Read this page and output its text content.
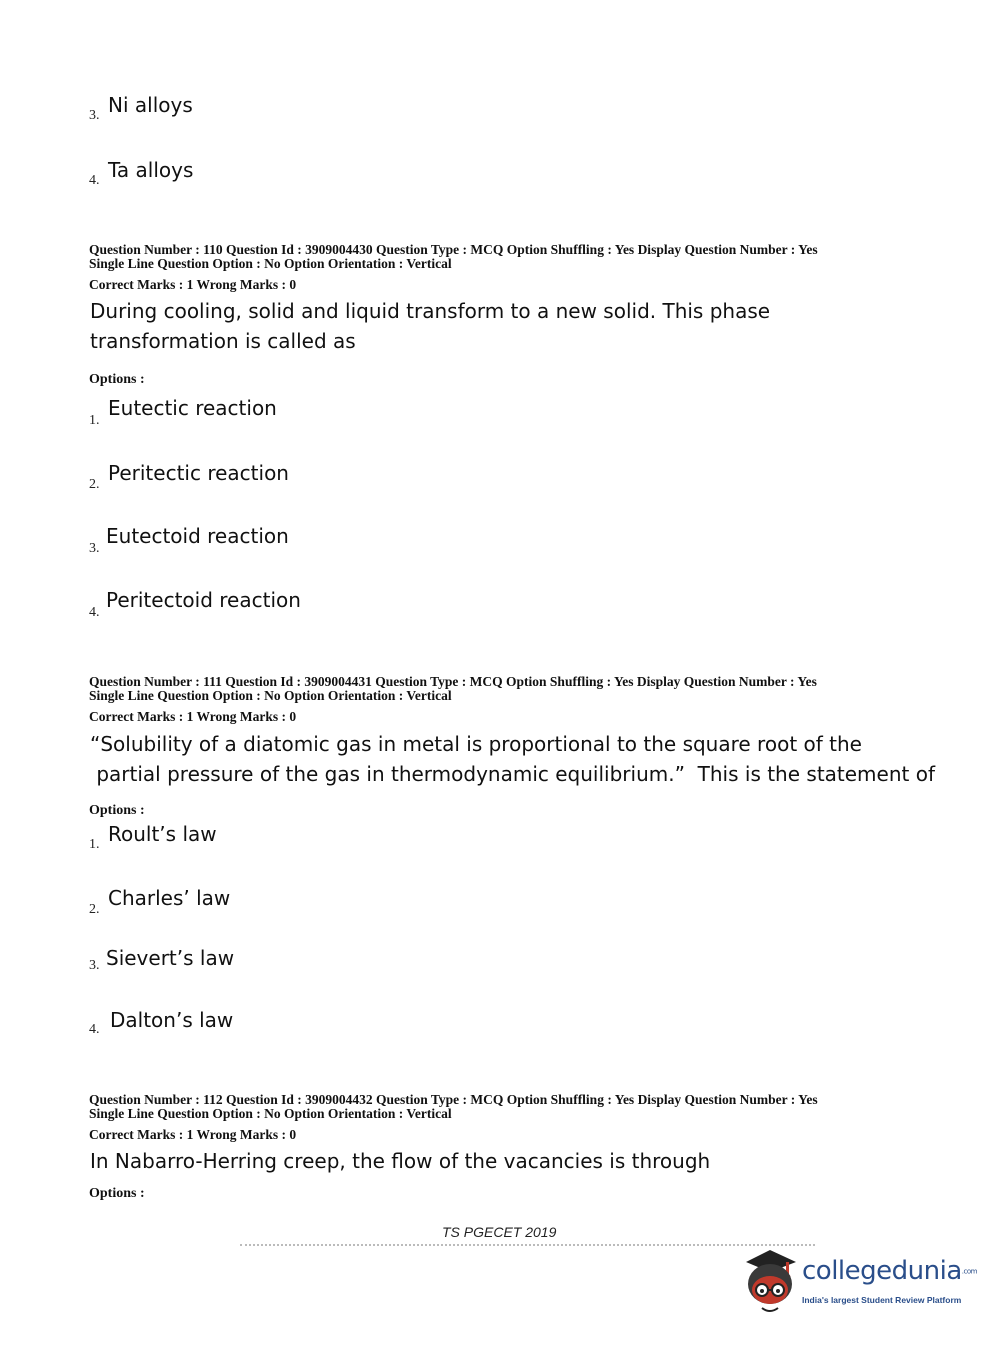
3. Ni alloys
4. Ta alloys
Question Number : 110 Question Id : 3909004430 Question Type : MCQ Option Shuffling : Yes Display Question Number : Yes
Single Line Question Option : No Option Orientation : Vertical
Correct Marks : 1 Wrong Marks : 0
During cooling, solid and liquid transform to a new solid. This phase
transformation is called as
Options :
1.
Eutectic reaction
2. Peritectic reaction
3.
Eutectoid reaction
4.
Peritectoid reaction
Question Number : 111 Question Id : 3909004431 Question Type : MCQ Option Shuffling : Yes Display Question Number : Yes
Single Line Question Option : No Option Orientation : Vertical
Correct Marks : 1 Wrong Marks : 0
“Solubility of a diatomic gas in metal is proportional to the square root of the
partial pressure of the gas in thermodynamic equilibrium.”  This is the statement of
Options :
1. Roult’s law
2. Charles’ law
3. Sievert’s law
4. Dalton’s law
Question Number : 112 Question Id : 3909004432 Question Type : MCQ Option Shuffling : Yes Display Question Number : Yes
Single Line Question Option : No Option Orientation : Vertical
Correct Marks : 1 Wrong Marks : 0
In Nabarro-Herring creep, the flow of the vacancies is through
Options :
TS PGECET 2019
collegedunia.com
India's largest Student Review Platform
